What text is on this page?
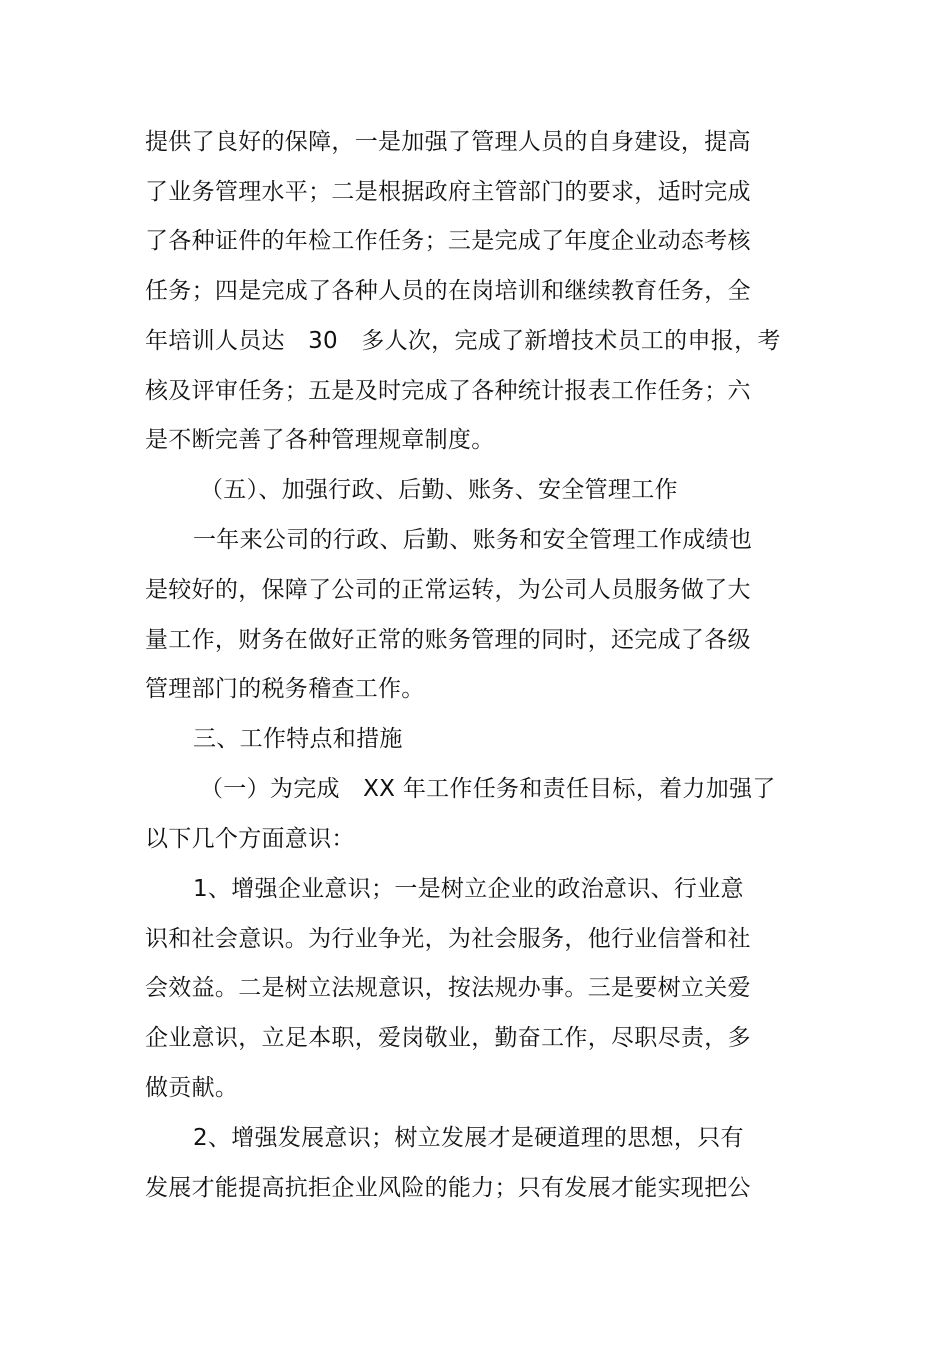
提供了良好的保障，一是加强了管理人员的自身建设，提高
了业务管理水平；二是根据政府主管部门的要求，适时完成
了各种证件的年检工作任务；三是完成了年度企业动态考核
任务；四是完成了各种人员的在岗培训和继续教育任务，全
年培训人员达　30　多人次，完成了新增技术员工的申报，考
核及评审任务；五是及时完成了各种统计报表工作任务；六
是不断完善了各种管理规章制度。
（五）、加强行政、后勤、账务、安全管理工作
一年来公司的行政、后勤、账务和安全管理工作成绩也
是较好的，保障了公司的正常运转，为公司人员服务做了大
量工作，财务在做好正常的账务管理的同时，还完成了各级
管理部门的税务稽查工作。
三、工作特点和措施
（一）为完成　XX 年工作任务和责任目标，着力加强了
以下几个方面意识：
1、增强企业意识；一是树立企业的政治意识、行业意
识和社会意识。为行业争光，为社会服务，他行业信誉和社
会效益。二是树立法规意识，按法规办事。三是要树立关爱
企业意识，立足本职，爱岗敬业，勤奋工作，尽职尽责，多
做贡献。
2、增强发展意识；树立发展才是硬道理的思想，只有
发展才能提高抗拒企业风险的能力；只有发展才能实现把公
